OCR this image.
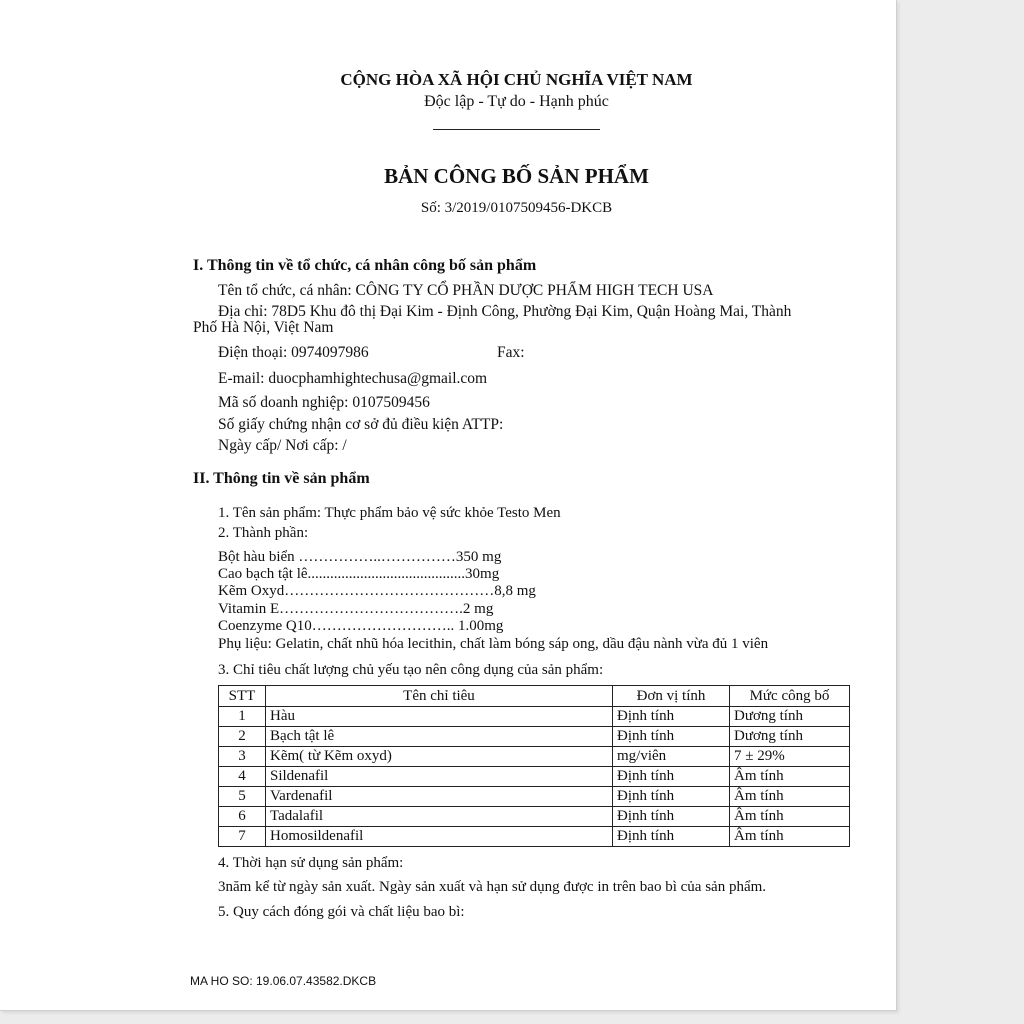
CỘNG HÒA XÃ HỘI CHỦ NGHĨA VIỆT NAM
Độc lập - Tự do - Hạnh phúc
BẢN CÔNG BỐ SẢN PHẨM
Số: 3/2019/0107509456-DKCB
I. Thông tin về tổ chức, cá nhân công bố sản phẩm
Tên tổ chức, cá nhân: CÔNG TY CỔ PHẦN DƯỢC PHẨM HIGH TECH USA
Địa chỉ: 78D5 Khu đô thị Đại Kim - Định Công, Phường Đại Kim, Quận Hoàng Mai, Thành
Phố Hà Nội, Việt Nam
Điện thoại: 0974097986	Fax:
E-mail: duocphamhightechusa@gmail.com
Mã số doanh nghiệp: 0107509456
Số giấy chứng nhận cơ sở đủ điều kiện ATTP:
Ngày cấp/ Nơi cấp: /
II. Thông tin về sản phẩm
1. Tên sản phẩm: Thực phẩm bảo vệ sức khỏe Testo Men
2. Thành phần:
Bột hàu biển ……………..……………350 mg
Cao bạch tật lê..........................................30mg
Kẽm Oxyd……………………………………8,8 mg
Vitamin E……………………………….2 mg
Coenzyme Q10……………………….. 1.00mg
Phụ liệu: Gelatin, chất nhũ hóa lecithin, chất làm bóng sáp ong, dầu đậu nành vừa đủ 1 viên
3. Chỉ tiêu chất lượng chủ yếu tạo nên công dụng của sản phẩm:
STT	Tên chỉ tiêu	Đơn vị tính	Mức công bố
1	Hàu	Định tính	Dương tính
2	Bạch tật lê	Định tính	Dương tính
3	Kẽm( từ Kẽm oxyd)	mg/viên	7 ± 29%
4	Sildenafil	Định tính	Âm tính
5	Vardenafil	Định tính	Âm tính
6	Tadalafil	Định tính	Âm tính
7	Homosildenafil	Định tính	Âm tính
4. Thời hạn sử dụng sản phẩm:
3năm kể từ ngày sản xuất. Ngày sản xuất và hạn sử dụng được in trên bao bì của sản phẩm.
5. Quy cách đóng gói và chất liệu bao bì:
MA HO SO: 19.06.07.43582.DKCB
